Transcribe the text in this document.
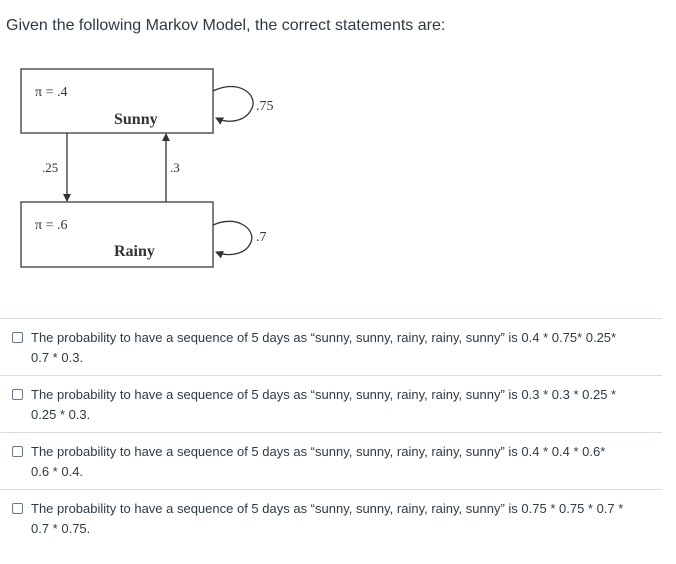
Given the following Markov Model, the correct statements are:
π = .4
Sunny
π = .6
Rainy
.25	.3
.75
.7
The probability to have a sequence of 5 days as “sunny, sunny, rainy, rainy, sunny” is 0.4 * 0.75* 0.25*
0.7 * 0.3.
The probability to have a sequence of 5 days as “sunny, sunny, rainy, rainy, sunny” is 0.3 * 0.3 * 0.25 *
0.25 * 0.3.
The probability to have a sequence of 5 days as “sunny, sunny, rainy, rainy, sunny” is 0.4 * 0.4 * 0.6*
0.6 * 0.4.
The probability to have a sequence of 5 days as “sunny, sunny, rainy, rainy, sunny” is 0.75 * 0.75 * 0.7 *
0.7 * 0.75.
